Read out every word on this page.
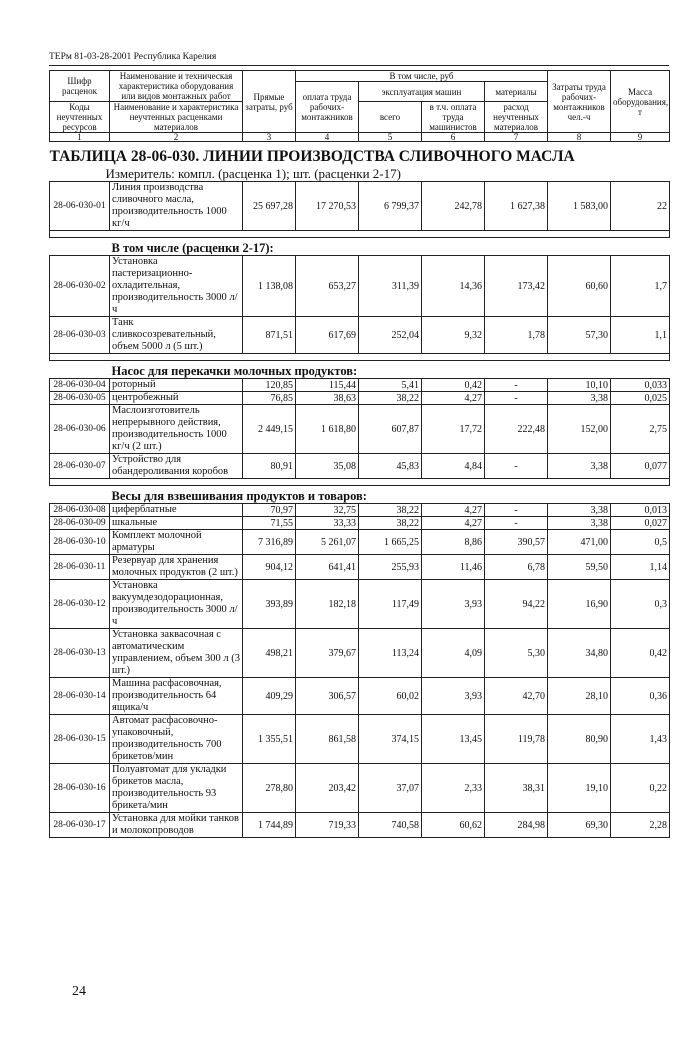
ТЕРм 81-03-28-2001 Республика Карелия
Шифр расценок	Наименование и техническая характеристика оборудования или видов монтажных работ	Прямые затраты, руб	В том числе, руб				Затраты труда рабочих-монтажников чел.-ч	Масса оборудования, т
			оплата труда рабочих-монтажников	эксплуатация машин		материалы		
Коды неучтенных ресурсов	Наименование и характеристика неучтенных расценками материалов			всего	в т.ч. оплата труда машинистов	расход неучтенных материалов		

1	2	3	4	5	6	7	8	9
ТАБЛИЦА 28-06-030. ЛИНИИ ПРОИЗВОДСТВА СЛИВОЧНОГО МАСЛА								
Измеритель: компл. (расценка 1); шт. (расценки 2-17)								
28-06-030-01	Линия производства сливочного масла, производительность 1000 кг/ч	25 697,28	17 270,53	6 799,37	242,78	1 627,38	1 583,00	22

	В том числе (расценки 2-17):							
28-06-030-02	Установка пастеризационно-охладительная, производительность 3000 л/ч	1 138,08	653,27	311,39	14,36	173,42	60,60	1,7
28-06-030-03	Танк сливкосозревательный, объем 5000 л (5 шт.)	871,51	617,69	252,04	9,32	1,78	57,30	1,1

	Насос для перекачки молочных продуктов:							
28-06-030-04	роторный	120,85	115,44	5,41	0,42	-	10,10	0,033
28-06-030-05	центробежный	76,85	38,63	38,22	4,27	-	3,38	0,025
28-06-030-06	Маслоизготовитель непрерывного действия, производительность 1000 кг/ч (2 шт.)	2 449,15	1 618,80	607,87	17,72	222,48	152,00	2,75
28-06-030-07	Устройство для обандероливания коробов	80,91	35,08	45,83	4,84	-	3,38	0,077

	Весы для взвешивания продуктов и товаров:							
28-06-030-08	циферблатные	70,97	32,75	38,22	4,27	-	3,38	0,013
28-06-030-09	шкальные	71,55	33,33	38,22	4,27	-	3,38	0,027
28-06-030-10	Комплект молочной арматуры	7 316,89	5 261,07	1 665,25	8,86	390,57	471,00	0,5
28-06-030-11	Резервуар для хранения молочных продуктов (2 шт.)	904,12	641,41	255,93	11,46	6,78	59,50	1,14
28-06-030-12	Установка вакуумдезодорационная, производительность 3000 л/ч	393,89	182,18	117,49	3,93	94,22	16,90	0,3
28-06-030-13	Установка заквасочная с автоматическим управлением, объем 300 л (3 шт.)	498,21	379,67	113,24	4,09	5,30	34,80	0,42
28-06-030-14	Машина расфасовочная, производительность 64 ящика/ч	409,29	306,57	60,02	3,93	42,70	28,10	0,36
28-06-030-15	Автомат расфасовочно-упаковочный, производительность 700 брикетов/мин	1 355,51	861,58	374,15	13,45	119,78	80,90	1,43
28-06-030-16	Полуавтомат для укладки брикетов масла, производительность 93 брикета/мин	278,80	203,42	37,07	2,33	38,31	19,10	0,22
28-06-030-17	Установка для мойки танков и молокопроводов	1 744,89	719,33	740,58	60,62	284,98	69,30	2,28
24
